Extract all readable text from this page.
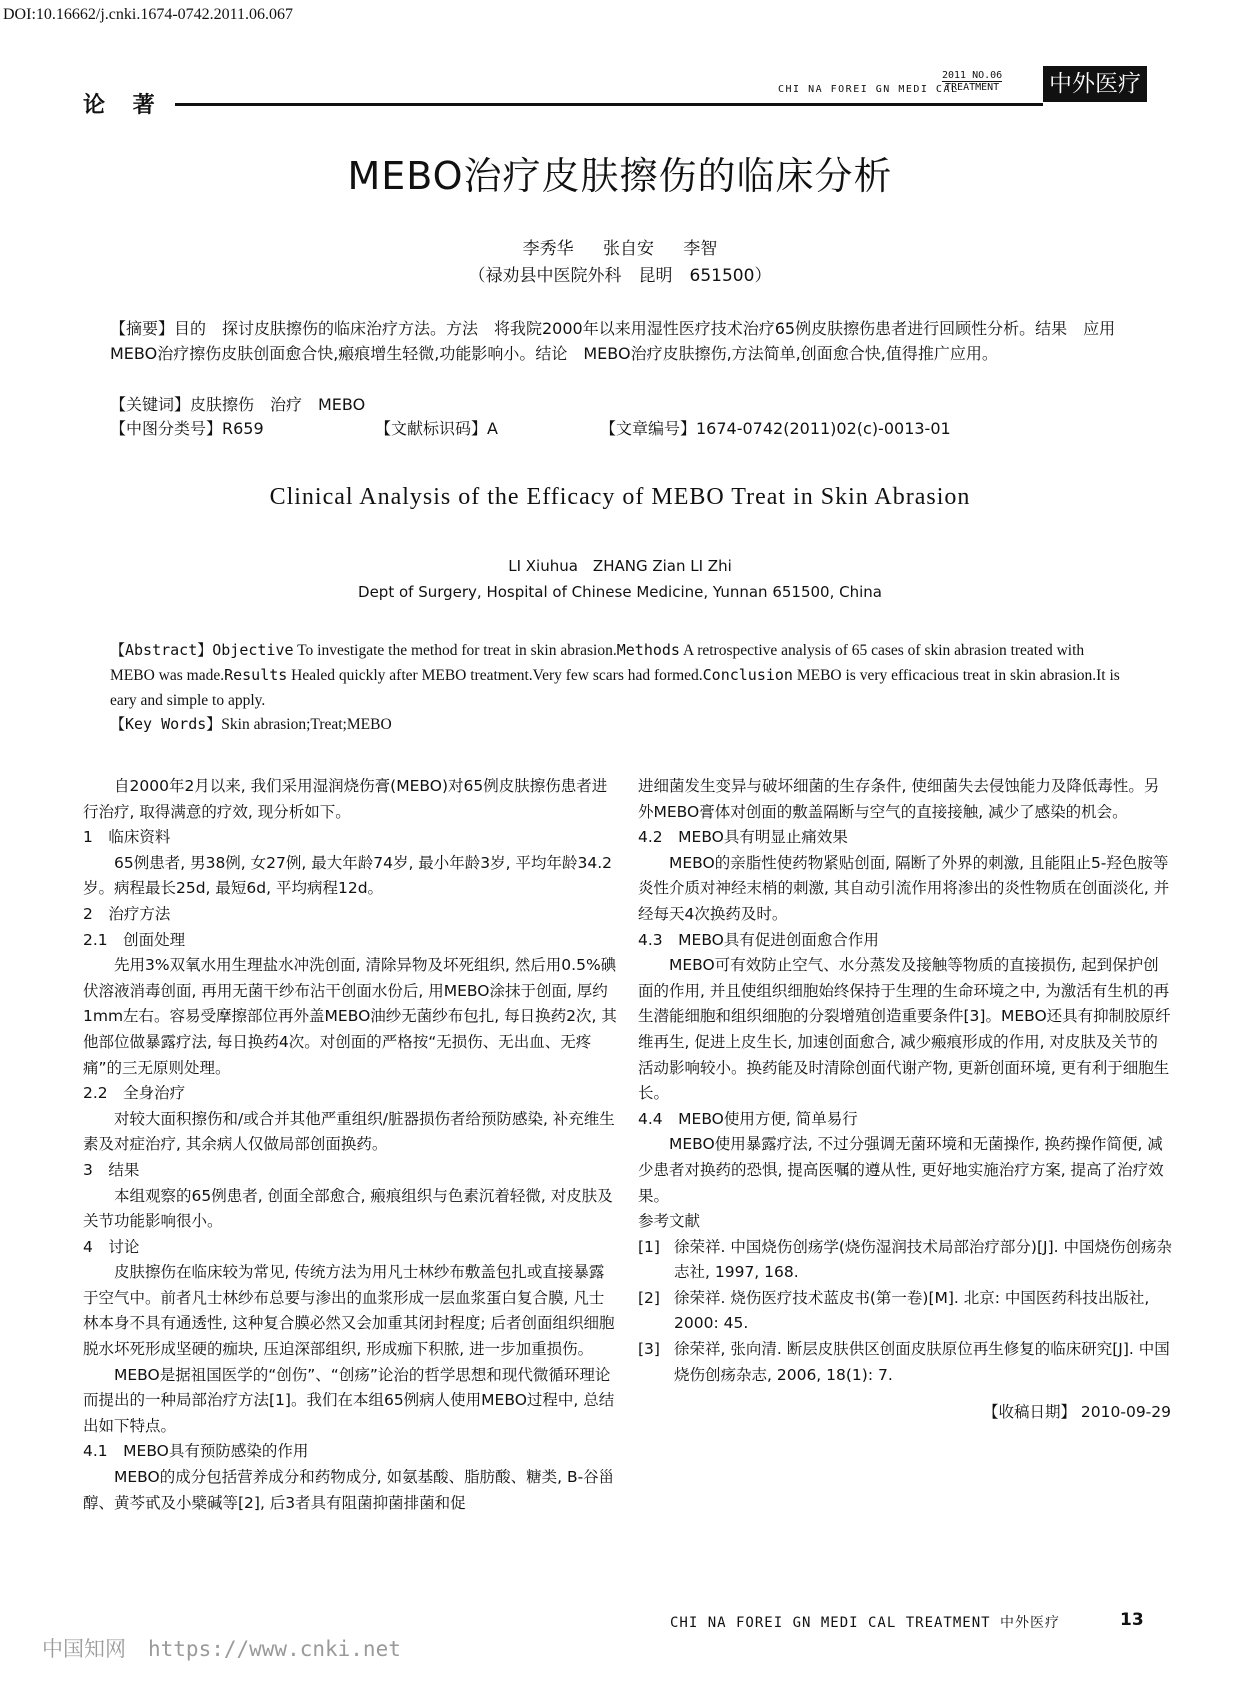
DOI:10.16662/j.cnki.1674-0742.2011.06.067
论 著
CHI NA FOREI GN MEDI CAL
2011 NO.06
TREATMENT 中外医疗
MEBO治疗皮肤擦伤的临床分析
李秀华 张自安 李智
（禄劝县中医院外科　昆明　651500）
【摘要】目的　探讨皮肤擦伤的临床治疗方法。方法　将我院2000年以来用湿性医疗技术治疗65例皮肤擦伤患者进行回顾性分析。结果　应用MEBO治疗擦伤皮肤创面愈合快,瘢痕增生轻微,功能影响小。结论　MEBO治疗皮肤擦伤,方法简单,创面愈合快,值得推广应用。
【关键词】皮肤擦伤　治疗　MEBO
【中图分类号】R659	【文献标识码】A	【文章编号】1674-0742(2011)02(c)-0013-01
Clinical Analysis of the Efficacy of MEBO Treat in Skin Abrasion
LI Xiuhua　ZHANG Zian LI Zhi
Dept of Surgery, Hospital of Chinese Medicine, Yunnan 651500, China
【Abstract】Objective To investigate the method for treat in skin abrasion.Methods A retrospective analysis of 65 cases of skin abrasion treated with MEBO was made.Results Healed quickly after MEBO treatment.Very few scars had formed.Conclusion MEBO is very efficacious treat in skin abrasion.It is eary and simple to apply.
【Key Words】Skin abrasion;Treat;MEBO

自2000年2月以来, 我们采用湿润烧伤膏(MEBO)对65例皮肤擦伤患者进行治疗, 取得满意的疗效, 现分析如下。

1　临床资料

65例患者, 男38例, 女27例, 最大年龄74岁, 最小年龄3岁, 平均年龄34.2岁。病程最长25d, 最短6d, 平均病程12d。

2　治疗方法

2.1　创面处理

先用3%双氧水用生理盐水冲洗创面, 清除异物及坏死组织, 然后用0.5%碘伏溶液消毒创面, 再用无菌干纱布沾干创面水份后, 用MEBO涂抹于创面, 厚约1mm左右。容易受摩擦部位再外盖MEBO油纱无菌纱布包扎, 每日换药2次, 其他部位做暴露疗法, 每日换药4次。对创面的严格按“无损伤、无出血、无疼痛”的三无原则处理。

2.2　全身治疗

对较大面积擦伤和/或合并其他严重组织/脏器损伤者给预防感染, 补充维生素及对症治疗, 其余病人仅做局部创面换药。

3　结果

本组观察的65例患者, 创面全部愈合, 瘢痕组织与色素沉着轻微, 对皮肤及关节功能影响很小。

4　讨论

皮肤擦伤在临床较为常见, 传统方法为用凡士林纱布敷盖包扎或直接暴露于空气中。前者凡士林纱布总要与渗出的血浆形成一层血浆蛋白复合膜, 凡士林本身不具有通透性, 这种复合膜必然又会加重其闭封程度; 后者创面组织细胞脱水坏死形成坚硬的痂块, 压迫深部组织, 形成痂下积脓, 进一步加重损伤。

MEBO是据祖国医学的“创伤”、“创疡”论治的哲学思想和现代微循环理论而提出的一种局部治疗方法[1]。我们在本组65例病人使用MEBO过程中, 总结出如下特点。

4.1　MEBO具有预防感染的作用

MEBO的成分包括营养成分和药物成分, 如氨基酸、脂肪酸、糖类, B-谷甾醇、黄芩甙及小檗碱等[2], 后3者具有阻菌抑菌排菌和促

进细菌发生变异与破坏细菌的生存条件, 使细菌失去侵蚀能力及降低毒性。另外MEBO膏体对创面的敷盖隔断与空气的直接接触, 减少了感染的机会。

4.2　MEBO具有明显止痛效果

MEBO的亲脂性使药物紧贴创面, 隔断了外界的刺激, 且能阻止5-羟色胺等炎性介质对神经末梢的刺激, 其自动引流作用将渗出的炎性物质在创面淡化, 并经每天4次换药及时。

4.3　MEBO具有促进创面愈合作用

MEBO可有效防止空气、水分蒸发及接触等物质的直接损伤, 起到保护创面的作用, 并且使组织细胞始终保持于生理的生命环境之中, 为激活有生机的再生潜能细胞和组织细胞的分裂增殖创造重要条件[3]。MEBO还具有抑制胶原纤维再生, 促进上皮生长, 加速创面愈合, 减少瘢痕形成的作用, 对皮肤及关节的活动影响较小。换药能及时清除创面代谢产物, 更新创面环境, 更有利于细胞生长。

4.4　MEBO使用方便, 简单易行

MEBO使用暴露疗法, 不过分强调无菌环境和无菌操作, 换药操作简便, 减少患者对换药的恐惧, 提高医嘱的遵从性, 更好地实施治疗方案, 提高了治疗效果。

参考文献

[1] 徐荣祥. 中国烧伤创疡学(烧伤湿润技术局部治疗部分)[J]. 中国烧伤创疡杂志社, 1997, 168.
[2] 徐荣祥. 烧伤医疗技术蓝皮书(第一卷)[M]. 北京: 中国医药科技出版社, 2000: 45.
[3] 徐荣祥, 张向清. 断层皮肤供区创面皮肤原位再生修复的临床研究[J]. 中国烧伤创疡杂志, 2006, 18(1): 7.

【收稿日期】 2010-09-29

CHI NA FOREI GN MEDI CAL TREATMENT 中外医疗	13
中国知网 https://www.cnki.net
